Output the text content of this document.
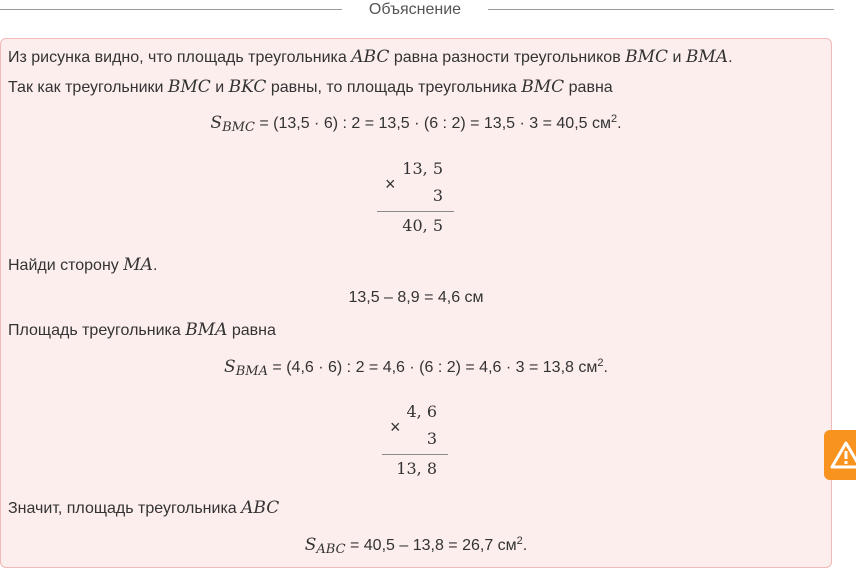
Объяснение
Из рисунка видно, что площадь треугольника ABC равна разности треугольников BMC и BMA.
Так как треугольники BMC и BKC равны, то площадь треугольника BMC равна
SBMC = (13,5 · 6) : 2 = 13,5 · (6 : 2) = 13,5 · 3 = 40,5 $см^2$.
×
13, 5
3
40, 5
Найди сторону MA.
13,5 – 8,9 = 4,6 см
Площадь треугольника BMA равна
SBMA = (4,6 · 6) : 2 = 4,6 · (6 : 2) = 4,6 · 3 = 13,8 $см^2$.
×
4, 6
3
13, 8
Значит, площадь треугольника ABC
SABC = 40,5 – 13,8 = 26,7 $см^2$.
